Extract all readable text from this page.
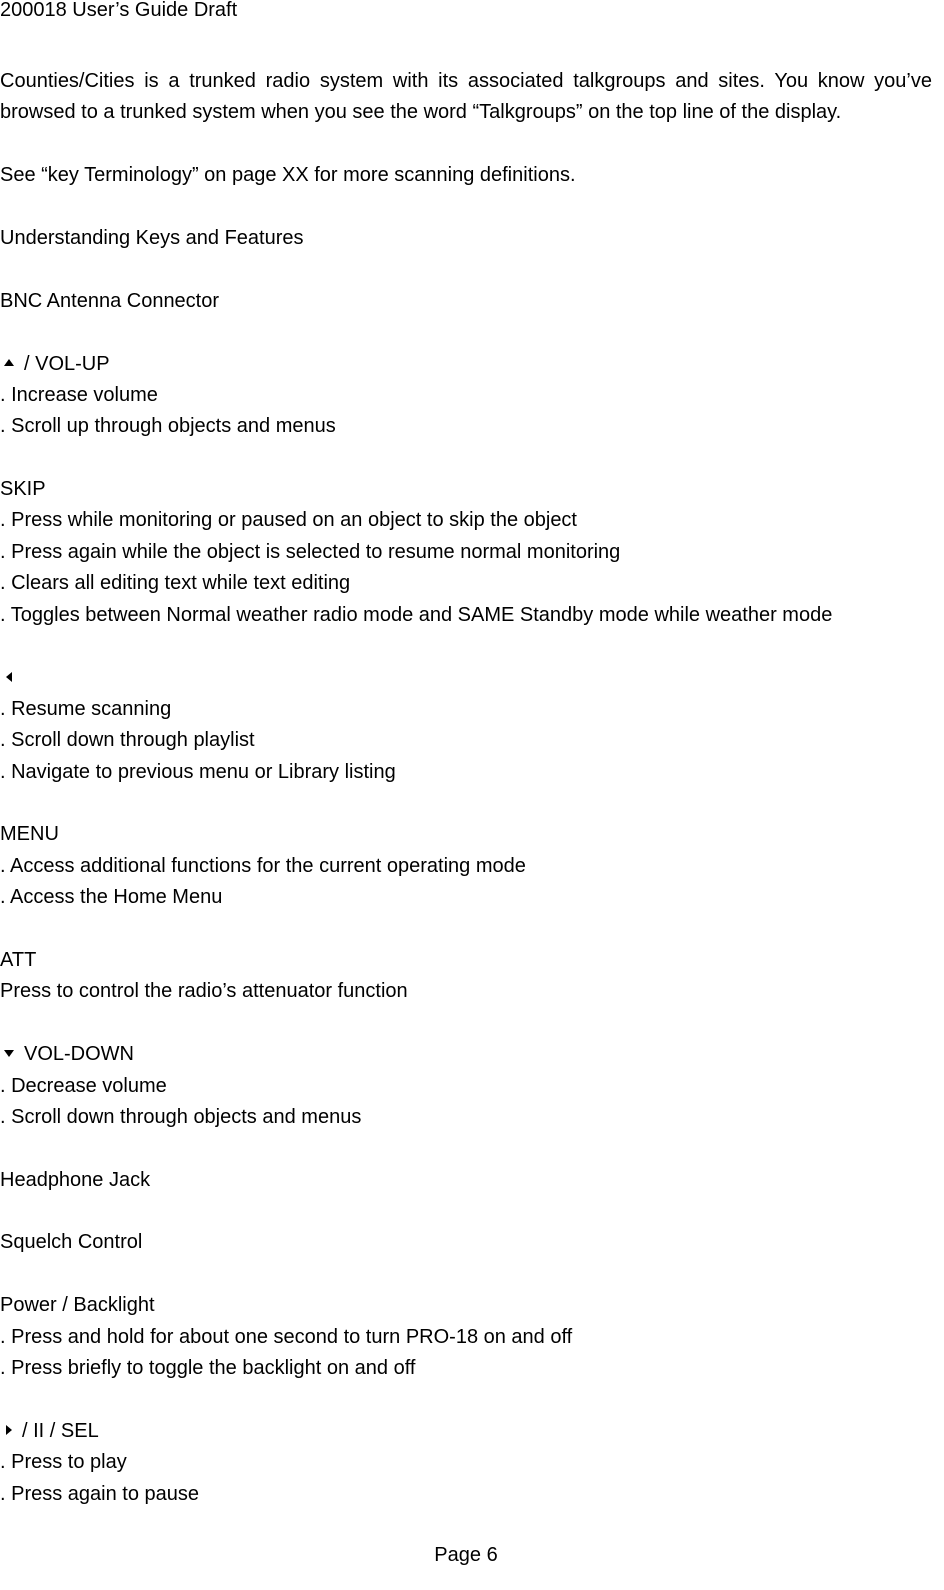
200018 User’s Guide Draft
Counties/Cities is a trunked radio system with its associated talkgroups and sites. You know you’ve
browsed to a trunked system when you see the word “Talkgroups” on the top line of the display.
See “key Terminology” on page XX for more scanning definitions.
Understanding Keys and Features
BNC Antenna Connector
/ VOL-UP
. Increase volume
. Scroll up through objects and menus
SKIP
. Press while monitoring or paused on an object to skip the object
. Press again while the object is selected to resume normal monitoring
. Clears all editing text while text editing
. Toggles between Normal weather radio mode and SAME Standby mode while weather mode
. Resume scanning
. Scroll down through playlist
. Navigate to previous menu or Library listing
MENU
. Access additional functions for the current operating mode
. Access the Home Menu
ATT
Press to control the radio’s attenuator function
VOL-DOWN
. Decrease volume
. Scroll down through objects and menus
Headphone Jack
Squelch Control
Power / Backlight
. Press and hold for about one second to turn PRO-18 on and off
. Press briefly to toggle the backlight on and off
/ II / SEL
. Press to play
. Press again to pause
Page 6
